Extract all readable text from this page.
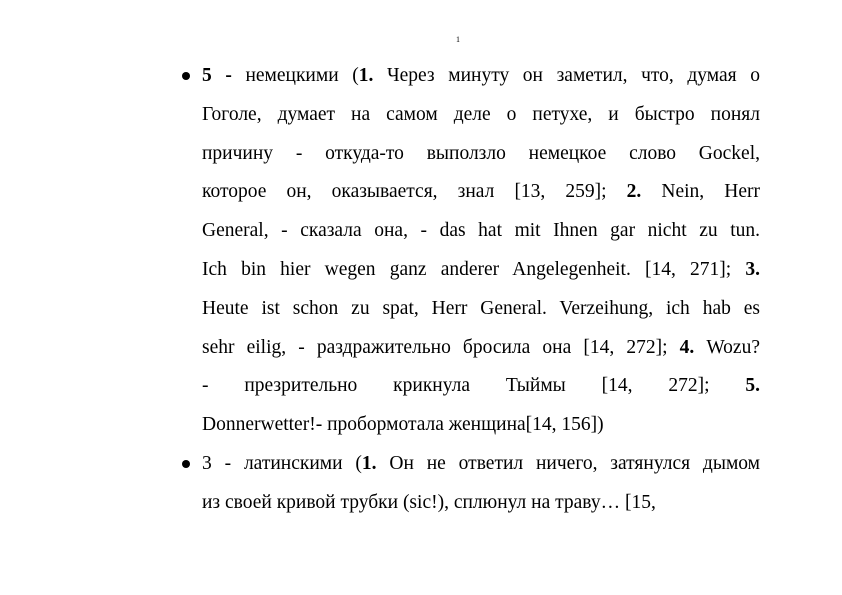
1
5 - немецкими (1. Через минуту он заметил, что, думая о
Гоголе, думает на самом деле о петухе, и быстро понял
причину - откуда-то выползло немецкое слово Gockel,
которое он, оказывается, знал [13, 259]; 2. Nein, Herr
General, - сказала она, - das hat mit Ihnen gar nicht zu tun.
Ich bin hier wegen ganz anderer Angelegenheit. [14, 271]; 3.
Heute ist schon zu spat, Herr General. Verzeihung, ich hab es
sehr eilig, - раздражительно бросила она [14, 272]; 4. Wozu?
- презрительно крикнула Тыймы [14, 272]; 5.
Donnerwetter!- пробормотала женщина[14, 156])
3 - латинскими (1. Он не ответил ничего, затянулся дымом
из своей кривой трубки (sic!), сплюнул на траву… [15,
